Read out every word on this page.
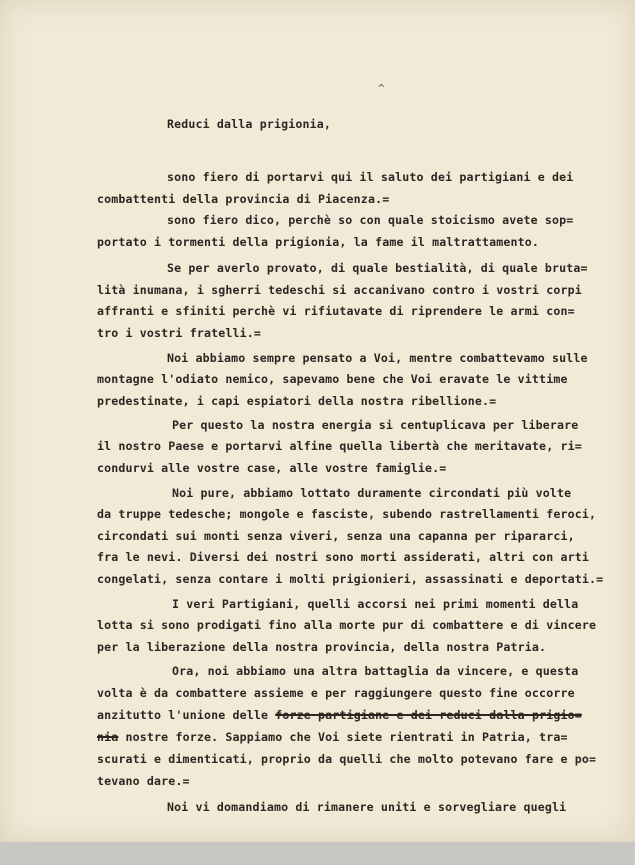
^
Reduci dalla prigionia,
sono fiero di portarvi qui il saluto dei partigiani e dei
combattenti della provincia di Piacenza.=
sono fiero dico, perchè so con quale stoicismo avete sop=
portato i tormenti della prigionia, la fame il maltrattamento.
Se per averlo provato, di quale bestialità, di quale bruta=
lità inumana, i sgherri tedeschi si accanivano contro i vostri corpi
affranti e sfiniti perchè vi rifiutavate di riprendere le armi con=
tro i vostri fratelli.=
Noi abbiamo sempre pensato a Voi, mentre combattevamo sulle
montagne l'odiato nemico, sapevamo bene che Voi eravate le vittime
predestinate, i capi espiatori della nostra ribellione.=
Per questo la nostra energia si centuplicava per liberare
il nostro Paese e portarvi alfine quella libertà che meritavate, ri=
condurvi alle vostre case, alle vostre famiglie.=
Noi pure, abbiamo lottato duramente circondati più volte
da truppe tedesche; mongole e fasciste, subendo rastrellamenti feroci,
circondati sui monti senza viveri, senza una capanna per ripararci,
fra le nevi. Diversi dei nostri sono morti assiderati, altri con arti
congelati, senza contare i molti prigionieri, assassinati e deportati.=
I veri Partigiani, quelli accorsi nei primi momenti della
lotta si sono prodigati fino alla morte pur di combattere e di vincere
per la liberazione della nostra provincia, della nostra Patria.
Ora, noi abbiamo una altra battaglia da vincere, e questa
volta è da combattere assieme e per raggiungere questo fine occorre
anzitutto l'unione delle forze partigiane e dei reduci dalla prigio=
nia nostre forze. Sappiamo che Voi siete rientrati in Patria, tra=
scurati e dimenticati, proprio da quelli che molto potevano fare e po=
tevano dare.=
Noi vi domandiamo di rimanere uniti e sorvegliare quegli
